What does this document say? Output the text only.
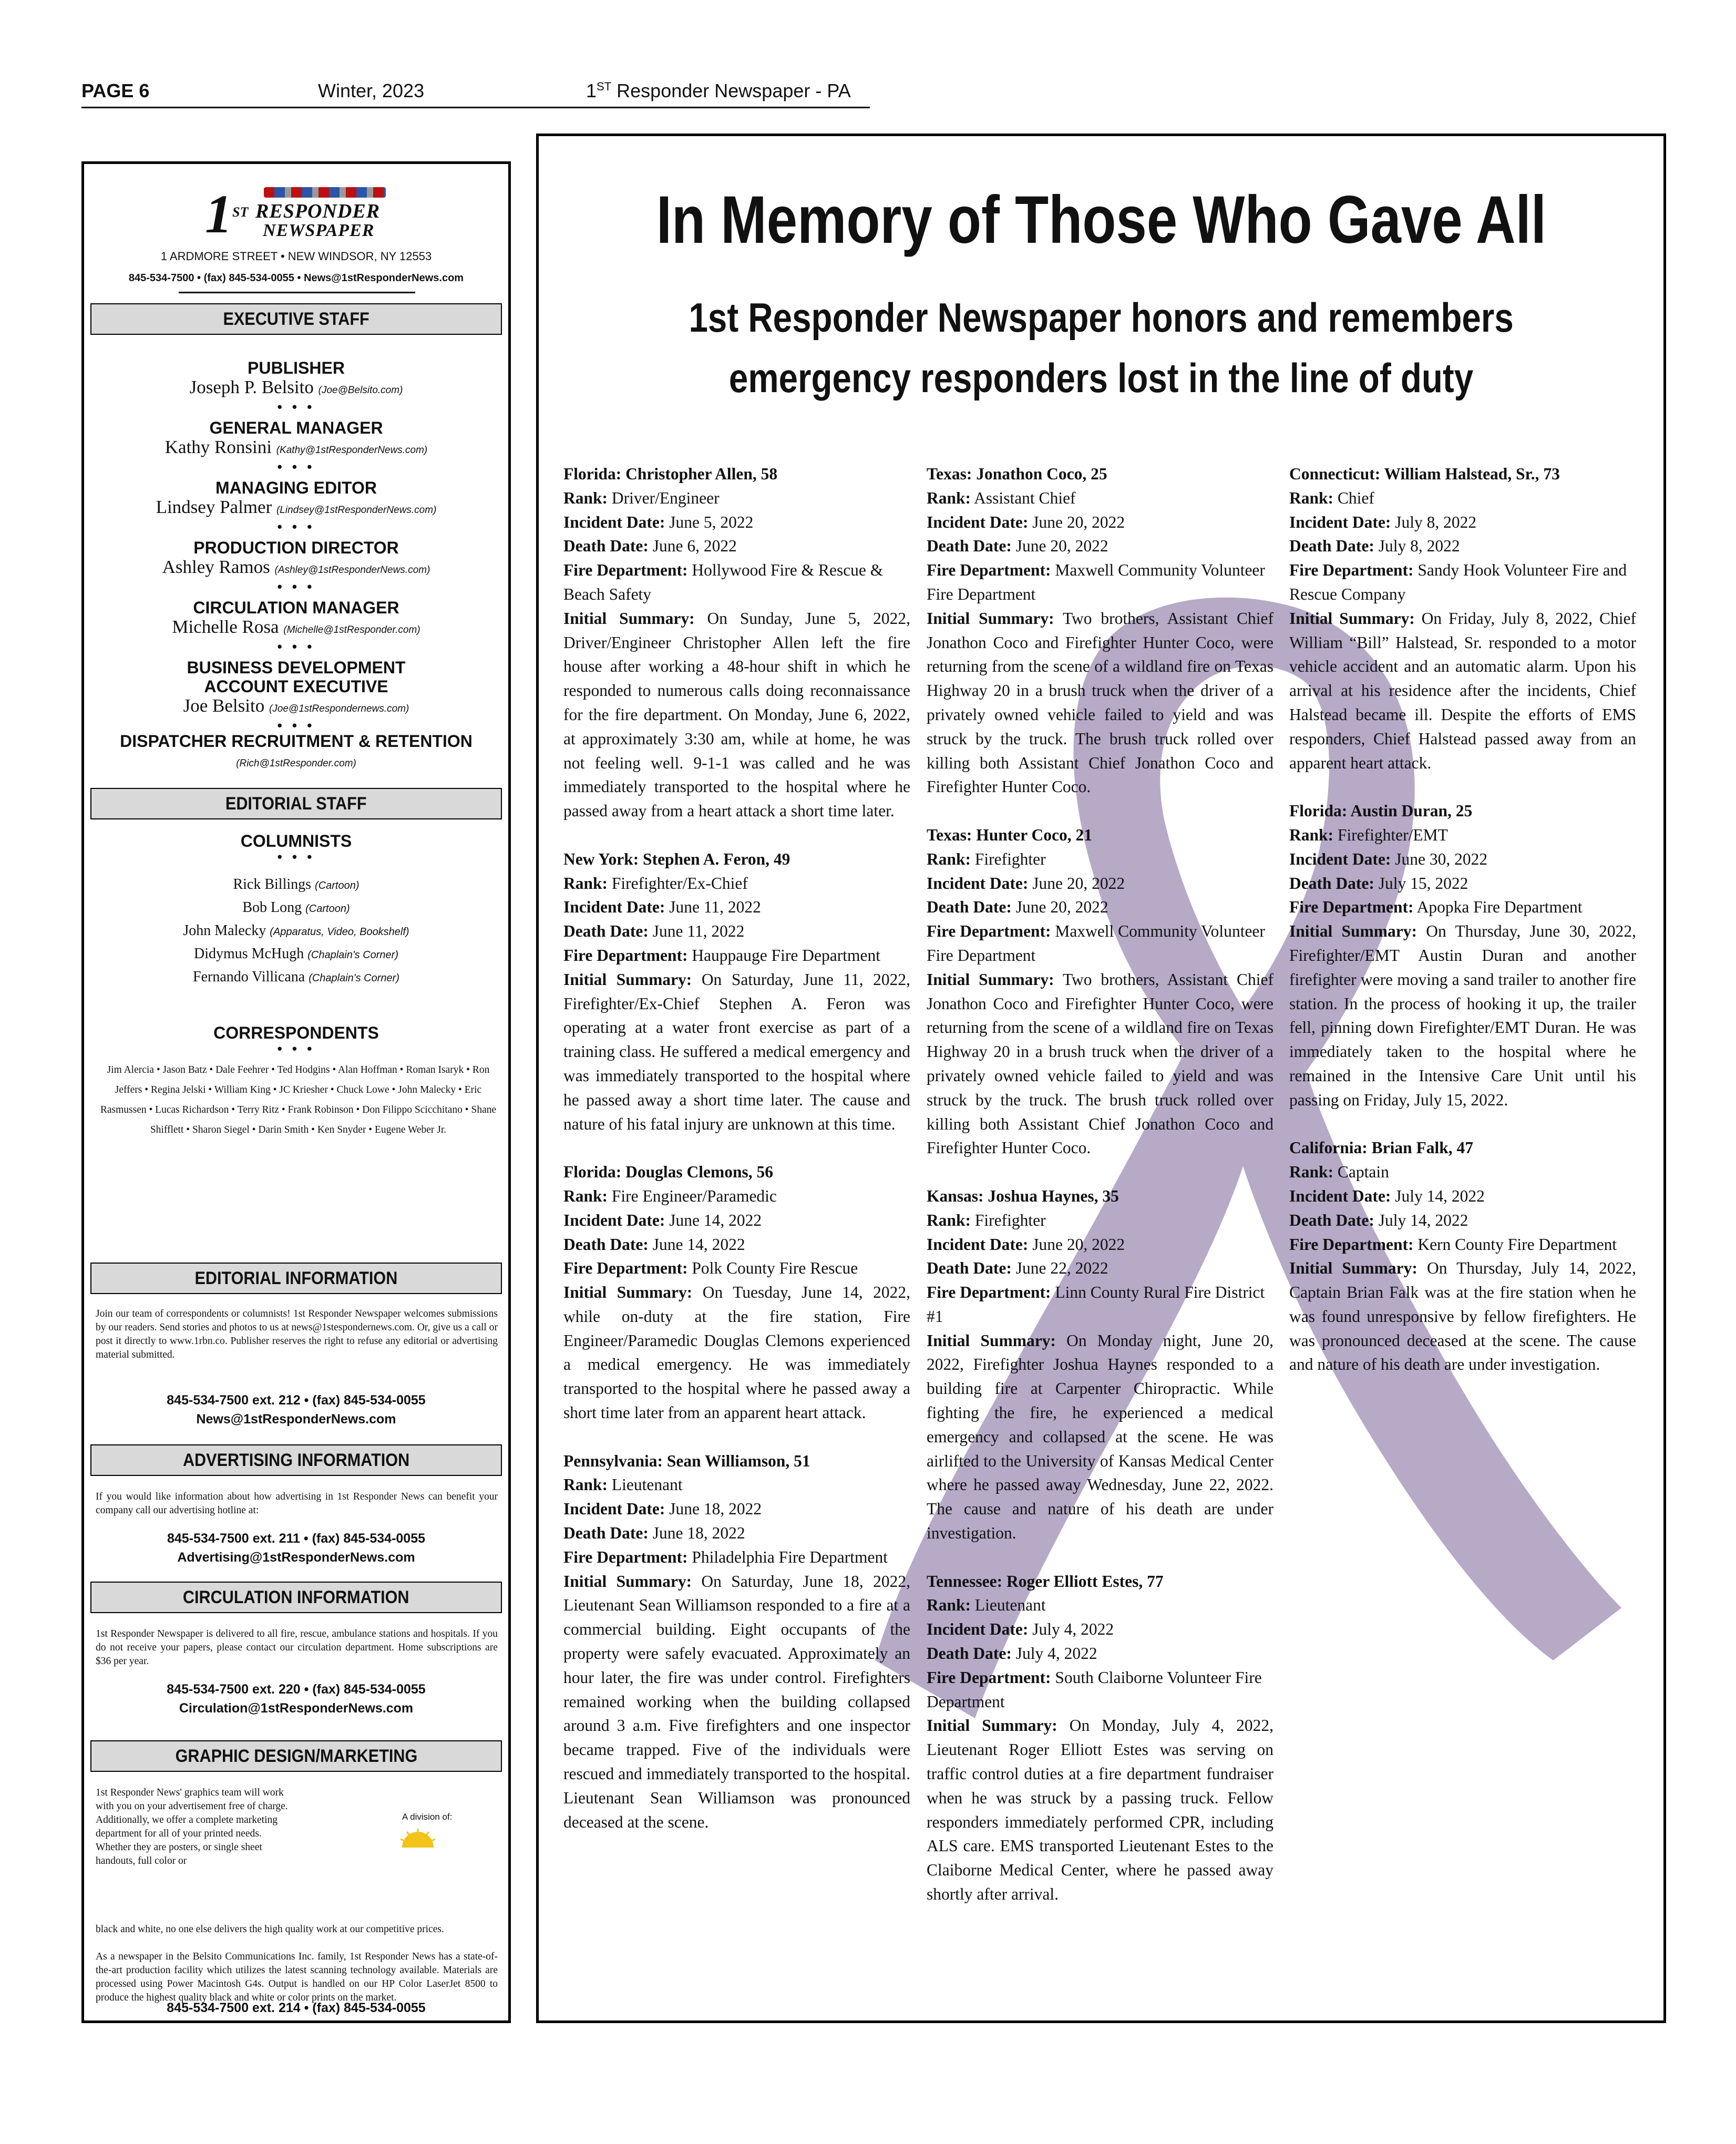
PAGE 6	Winter, 2023	1ST Responder Newspaper - PA
1ST RESPONDER
NEWSPAPER
1 ARDMORE STREET • NEW WINDSOR, NY 12553
845-534-7500 • (fax) 845-534-0055 • News@1stResponderNews.com
EXECUTIVE STAFF
PUBLISHER
Joseph P. Belsito (Joe@Belsito.com)
• • •
GENERAL MANAGER
Kathy Ronsini (Kathy@1stResponderNews.com)
• • •
MANAGING EDITOR
Lindsey Palmer (Lindsey@1stResponderNews.com)
• • •
PRODUCTION DIRECTOR
Ashley Ramos (Ashley@1stResponderNews.com)
• • •
CIRCULATION MANAGER
Michelle Rosa (Michelle@1stResponder.com)
• • •
BUSINESS DEVELOPMENT
ACCOUNT EXECUTIVE
Joe Belsito (Joe@1stRespondernews.com)
• • •
DISPATCHER RECRUITMENT & RETENTION
(Rich@1stResponder.com)
EDITORIAL STAFF
COLUMNISTS
• • •
Rick Billings (Cartoon)
Bob Long (Cartoon)
John Malecky (Apparatus, Video, Bookshelf)
Didymus McHugh (Chaplain's Corner)
Fernando Villicana (Chaplain's Corner)
CORRESPONDENTS
• • •
Jim Alercia • Jason Batz • Dale Feehrer • Ted Hodgins • Alan Hoffman • Roman Isaryk • Ron Jeffers • Regina Jelski • William King • JC Kriesher • Chuck Lowe • John Malecky • Eric Rasmussen • Lucas Richardson • Terry Ritz • Frank Robinson • Don Filippo Scicchitano • Shane Shifflett • Sharon Siegel • Darin Smith • Ken Snyder • Eugene Weber Jr.
EDITORIAL INFORMATION
Join our team of correspondents or columnists! 1st Responder Newspaper welcomes submissions by our readers. Send stories and photos to us at news@1stespondernews.com. Or, give us a call or post it directly to www.1rbn.co. Publisher reserves the right to refuse any editorial or advertising material submitted.
845-534-7500 ext. 212 • (fax) 845-534-0055
News@1stResponderNews.com
ADVERTISING INFORMATION
If you would like information about how advertising in 1st Responder News can benefit your company call our advertising hotline at:
845-534-7500 ext. 211 • (fax) 845-534-0055
Advertising@1stResponderNews.com
CIRCULATION INFORMATION
1st Responder Newspaper is delivered to all fire, rescue, ambulance stations and hospitals. If you do not receive your papers, please contact our circulation department. Home subscriptions are $36 per year.
845-534-7500 ext. 220 • (fax) 845-534-0055
Circulation@1stResponderNews.com
GRAPHIC DESIGN/MARKETING
1st Responder News' graphics team will work with you on your advertisement free of charge. Additionally, we offer a complete marketing department for all of your printed needs. Whether they are posters, or single sheet handouts, full color or
black and white, no one else delivers the high quality work at our competitive prices.
As a newspaper in the Belsito Communications Inc. family, 1st Responder News has a state-of-the-art production facility which utilizes the latest scanning technology available. Materials are processed using Power Macintosh G4s. Output is handled on our HP Color LaserJet 8500 to produce the highest quality black and white or color prints on the market.
A division of:
845-534-7500 ext. 214 • (fax) 845-534-0055
In Memory of Those Who Gave All
1st Responder Newspaper honors and remembers
emergency responders lost in the line of duty
Florida: Christopher Allen, 58
Rank: Driver/Engineer
Incident Date: June 5, 2022
Death Date: June 6, 2022
Fire Department: Hollywood Fire & Rescue & Beach Safety
Initial Summary: On Sunday, June 5, 2022, Driver/Engineer Christopher Allen left the fire house after working a 48-hour shift in which he responded to numerous calls doing reconnaissance for the fire department. On Monday, June 6, 2022, at approximately 3:30 am, while at home, he was not feeling well. 9-1-1 was called and he was immediately transported to the hospital where he passed away from a heart attack a short time later.
New York: Stephen A. Feron, 49
Rank: Firefighter/Ex-Chief
Incident Date: June 11, 2022
Death Date: June 11, 2022
Fire Department: Hauppauge Fire Department
Initial Summary: On Saturday, June 11, 2022, Firefighter/Ex-Chief Stephen A. Feron was operating at a water front exercise as part of a training class. He suffered a medical emergency and was immediately transported to the hospital where he passed away a short time later. The cause and nature of his fatal injury are unknown at this time.
Florida: Douglas Clemons, 56
Rank: Fire Engineer/Paramedic
Incident Date: June 14, 2022
Death Date: June 14, 2022
Fire Department: Polk County Fire Rescue
Initial Summary: On Tuesday, June 14, 2022, while on-duty at the fire station, Fire Engineer/Paramedic Douglas Clemons experienced a medical emergency. He was immediately transported to the hospital where he passed away a short time later from an apparent heart attack.
Pennsylvania: Sean Williamson, 51
Rank: Lieutenant
Incident Date: June 18, 2022
Death Date: June 18, 2022
Fire Department: Philadelphia Fire Department
Initial Summary: On Saturday, June 18, 2022, Lieutenant Sean Williamson responded to a fire at a commercial building. Eight occupants of the property were safely evacuated. Approximately an hour later, the fire was under control. Firefighters remained working when the building collapsed around 3 a.m. Five firefighters and one inspector became trapped. Five of the individuals were rescued and immediately transported to the hospital. Lieutenant Sean Williamson was pronounced deceased at the scene.
Texas: Jonathon Coco, 25
Rank: Assistant Chief
Incident Date: June 20, 2022
Death Date: June 20, 2022
Fire Department: Maxwell Community Volunteer Fire Department
Initial Summary: Two brothers, Assistant Chief Jonathon Coco and Firefighter Hunter Coco, were returning from the scene of a wildland fire on Texas Highway 20 in a brush truck when the driver of a privately owned vehicle failed to yield and was struck by the truck. The brush truck rolled over killing both Assistant Chief Jonathon Coco and Firefighter Hunter Coco.
Texas: Hunter Coco, 21
Rank: Firefighter
Incident Date: June 20, 2022
Death Date: June 20, 2022
Fire Department: Maxwell Community Volunteer Fire Department
Initial Summary: Two brothers, Assistant Chief Jonathon Coco and Firefighter Hunter Coco, were returning from the scene of a wildland fire on Texas Highway 20 in a brush truck when the driver of a privately owned vehicle failed to yield and was struck by the truck. The brush truck rolled over killing both Assistant Chief Jonathon Coco and Firefighter Hunter Coco.
Kansas: Joshua Haynes, 35
Rank: Firefighter
Incident Date: June 20, 2022
Death Date: June 22, 2022
Fire Department: Linn County Rural Fire District #1
Initial Summary: On Monday night, June 20, 2022, Firefighter Joshua Haynes responded to a building fire at Carpenter Chiropractic. While fighting the fire, he experienced a medical emergency and collapsed at the scene. He was airlifted to the University of Kansas Medical Center where he passed away Wednesday, June 22, 2022. The cause and nature of his death are under investigation.
Tennessee: Roger Elliott Estes, 77
Rank: Lieutenant
Incident Date: July 4, 2022
Death Date: July 4, 2022
Fire Department: South Claiborne Volunteer Fire Department
Initial Summary: On Monday, July 4, 2022, Lieutenant Roger Elliott Estes was serving on traffic control duties at a fire department fundraiser when he was struck by a passing truck. Fellow responders immediately performed CPR, including ALS care. EMS transported Lieutenant Estes to the Claiborne Medical Center, where he passed away shortly after arrival.
Connecticut: William Halstead, Sr., 73
Rank: Chief
Incident Date: July 8, 2022
Death Date: July 8, 2022
Fire Department: Sandy Hook Volunteer Fire and Rescue Company
Initial Summary: On Friday, July 8, 2022, Chief William “Bill” Halstead, Sr. responded to a motor vehicle accident and an automatic alarm. Upon his arrival at his residence after the incidents, Chief Halstead became ill. Despite the efforts of EMS responders, Chief Halstead passed away from an apparent heart attack.
Florida: Austin Duran, 25
Rank: Firefighter/EMT
Incident Date: June 30, 2022
Death Date: July 15, 2022
Fire Department: Apopka Fire Department
Initial Summary: On Thursday, June 30, 2022, Firefighter/EMT Austin Duran and another firefighter were moving a sand trailer to another fire station. In the process of hooking it up, the trailer fell, pinning down Firefighter/EMT Duran. He was immediately taken to the hospital where he remained in the Intensive Care Unit until his passing on Friday, July 15, 2022.
California: Brian Falk, 47
Rank: Captain
Incident Date: July 14, 2022
Death Date: July 14, 2022
Fire Department: Kern County Fire Department
Initial Summary: On Thursday, July 14, 2022, Captain Brian Falk was at the fire station when he was found unresponsive by fellow firefighters. He was pronounced deceased at the scene. The cause and nature of his death are under investigation.
